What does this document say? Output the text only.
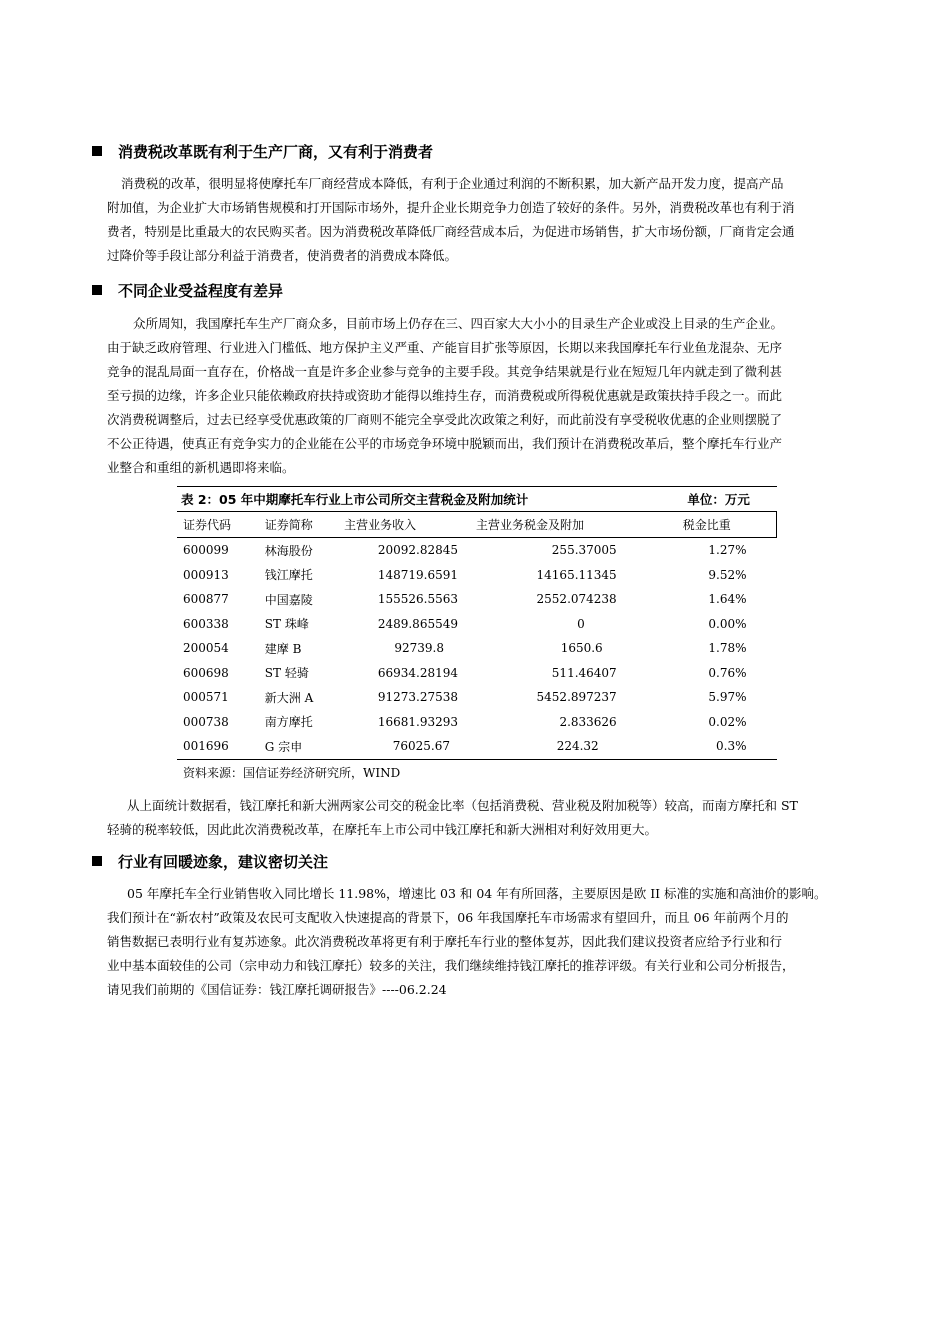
消费税改革既有利于生产厂商，又有利于消费者
消费税的改革，很明显将使摩托车厂商经营成本降低，有利于企业通过利润的不断积累，加大新产品开发力度，提高产品
附加值，为企业扩大市场销售规模和打开国际市场外，提升企业长期竞争力创造了较好的条件。另外，消费税改革也有利于消
费者，特别是比重最大的农民购买者。因为消费税改革降低厂商经营成本后，为促进市场销售，扩大市场份额，厂商肯定会通
过降价等手段让部分利益于消费者，使消费者的消费成本降低。
不同企业受益程度有差异
众所周知，我国摩托车生产厂商众多，目前市场上仍存在三、四百家大大小小的目录生产企业或没上目录的生产企业。
由于缺乏政府管理、行业进入门槛低、地方保护主义严重、产能盲目扩张等原因，长期以来我国摩托车行业鱼龙混杂、无序
竞争的混乱局面一直存在，价格战一直是许多企业参与竞争的主要手段。其竞争结果就是行业在短短几年内就走到了微利甚
至亏损的边缘，许多企业只能依赖政府扶持或资助才能得以维持生存，而消费税或所得税优惠就是政策扶持手段之一。而此
次消费税调整后，过去已经享受优惠政策的厂商则不能完全享受此次政策之利好，而此前没有享受税收优惠的企业则摆脱了
不公正待遇，使真正有竞争实力的企业能在公平的市场竞争环境中脱颖而出，我们预计在消费税改革后，整个摩托车行业产
业整合和重组的新机遇即将来临。
表 2：05 年中期摩托车行业上市公司所交主营税金及附加统计				单位：万元
证券代码	证券简称	主营业务收入	主营业务税金及附加	税金比重
600099	林海股份	20092.82845	255.37005	1.27%
000913	钱江摩托	148719.6591	14165.11345	9.52%
600877	中国嘉陵	155526.5563	2552.074238	1.64%
600338	ST 珠峰	2489.865549	0	0.00%
200054	建摩 B	92739.8	1650.6	1.78%
600698	ST 轻骑	66934.28194	511.46407	0.76%
000571	新大洲 A	91273.27538	5452.897237	5.97%
000738	南方摩托	16681.93293	2.833626	0.02%
001696	G 宗申	76025.67	224.32	0.3%
资料来源：国信证券经济研究所，WIND
从上面统计数据看，钱江摩托和新大洲两家公司交的税金比率（包括消费税、营业税及附加税等）较高，而南方摩托和 ST
轻骑的税率较低，因此此次消费税改革，在摩托车上市公司中钱江摩托和新大洲相对利好效用更大。
行业有回暖迹象，建议密切关注
05 年摩托车全行业销售收入同比增长 11.98%，增速比 03 和 04 年有所回落，主要原因是欧 II 标准的实施和高油价的影响。
我们预计在“新农村”政策及农民可支配收入快速提高的背景下，06 年我国摩托车市场需求有望回升，而且 06 年前两个月的
销售数据已表明行业有复苏迹象。此次消费税改革将更有利于摩托车行业的整体复苏，因此我们建议投资者应给予行业和行
业中基本面较佳的公司（宗申动力和钱江摩托）较多的关注，我们继续维持钱江摩托的推荐评级。有关行业和公司分析报告，
请见我们前期的《国信证券：钱江摩托调研报告》----06.2.24
